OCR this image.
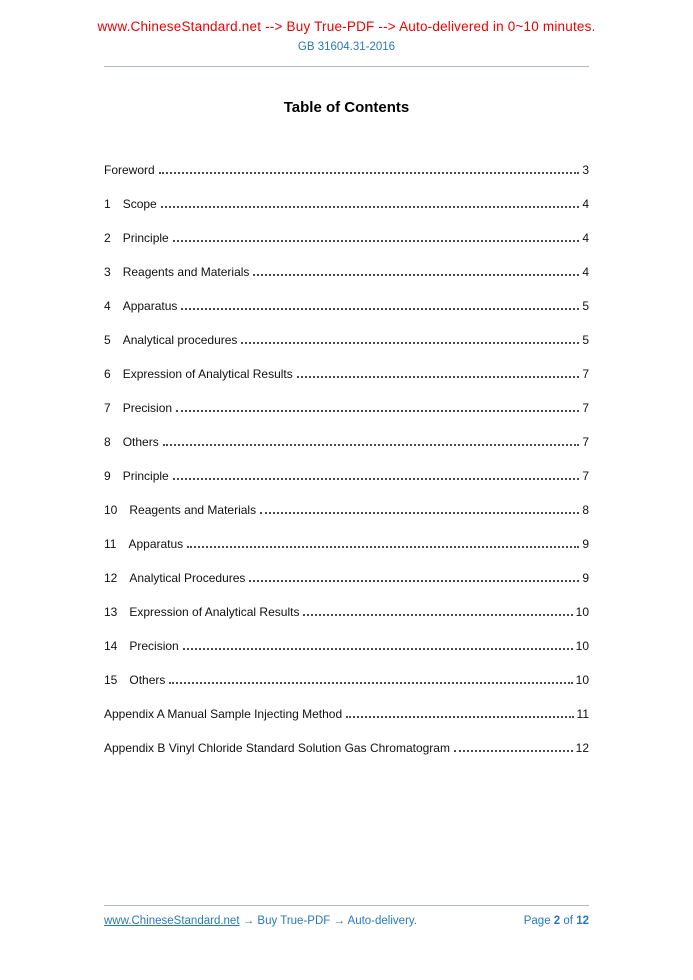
www.ChineseStandard.net --> Buy True-PDF --> Auto-delivered in 0~10 minutes.
GB 31604.31-2016
Table of Contents
Foreword	3
1 Scope	4
2 Principle	4
3 Reagents and Materials	4
4 Apparatus	5
5 Analytical procedures	5
6 Expression of Analytical Results	7
7 Precision	7
8 Others	7
9 Principle	7
10 Reagents and Materials	8
11 Apparatus	9
12 Analytical Procedures	9
13 Expression of Analytical Results	10
14 Precision	10
15 Others	10
Appendix A Manual Sample Injecting Method	11
Appendix B Vinyl Chloride Standard Solution Gas Chromatogram	12
www.ChineseStandard.net → Buy True-PDF → Auto-delivery.	Page 2 of 12
